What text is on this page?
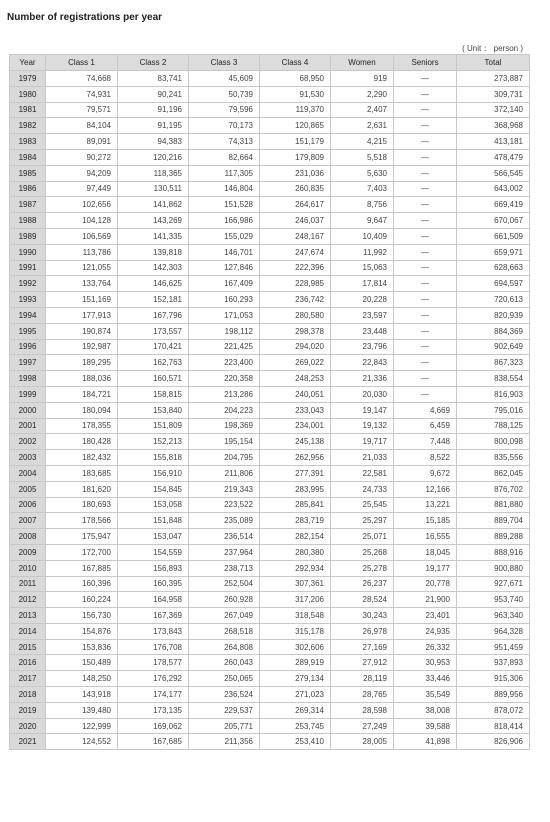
Number of registrations per year
( Unit ： person )
Year	Class 1	Class 2	Class 3	Class 4	Women	Seniors	Total
1979	74,668	83,741	45,609	68,950	919	—	273,887
1980	74,931	90,241	50,739	91,530	2,290	—	309,731
1981	79,571	91,196	79,596	119,370	2,407	—	372,140
1982	84,104	91,195	70,173	120,865	2,631	—	368,968
1983	89,091	94,383	74,313	151,179	4,215	—	413,181
1984	90,272	120,216	82,664	179,809	5,518	—	478,479
1985	94,209	118,365	117,305	231,036	5,630	—	566,545
1986	97,449	130,511	146,804	260,835	7,403	—	643,002
1987	102,656	141,862	151,528	264,617	8,756	—	669,419
1988	104,128	143,269	166,986	246,037	9,647	—	670,067
1989	106,569	141,335	155,029	248,167	10,409	—	661,509
1990	113,786	139,818	146,701	247,674	11,992	—	659,971
1991	121,055	142,303	127,846	222,396	15,063	—	628,663
1992	133,764	146,625	167,409	228,985	17,814	—	694,597
1993	151,169	152,181	160,293	236,742	20,228	—	720,613
1994	177,913	167,796	171,053	280,580	23,597	—	820,939
1995	190,874	173,557	198,112	298,378	23,448	—	884,369
1996	192,987	170,421	221,425	294,020	23,796	—	902,649
1997	189,295	162,763	223,400	269,022	22,843	—	867,323
1998	188,036	160,571	220,358	248,253	21,336	—	838,554
1999	184,721	158,815	213,286	240,051	20,030	—	816,903
2000	180,094	153,840	204,223	233,043	19,147	4,669	795,016
2001	178,355	151,809	198,369	234,001	19,132	6,459	788,125
2002	180,428	152,213	195,154	245,138	19,717	7,448	800,098
2003	182,432	155,818	204,795	262,956	21,033	8,522	835,556
2004	183,685	156,910	211,806	277,391	22,581	9,672	862,045
2005	181,620	154,845	219,343	283,995	24,733	12,166	876,702
2006	180,693	153,058	223,522	285,841	25,545	13,221	881,880
2007	178,566	151,848	235,089	283,719	25,297	15,185	889,704
2008	175,947	153,047	236,514	282,154	25,071	16,555	889,288
2009	172,700	154,559	237,964	280,380	25,268	18,045	888,916
2010	167,885	156,893	238,713	292,934	25,278	19,177	900,880
2011	160,396	160,395	252,504	307,361	26,237	20,778	927,671
2012	160,224	164,958	260,928	317,206	28,524	21,900	953,740
2013	156,730	167,369	267,049	318,548	30,243	23,401	963,340
2014	154,876	173,843	268,518	315,178	26,978	24,935	964,328
2015	153,836	176,708	264,808	302,606	27,169	26,332	951,459
2016	150,489	178,577	260,043	289,919	27,912	30,953	937,893
2017	148,250	176,292	250,065	279,134	28,119	33,446	915,306
2018	143,918	174,177	236,524	271,023	28,765	35,549	889,956
2019	139,480	173,135	229,537	269,314	28,598	38,008	878,072
2020	122,999	169,062	205,771	253,745	27,249	39,588	818,414
2021	124,552	167,685	211,356	253,410	28,005	41,898	826,906
